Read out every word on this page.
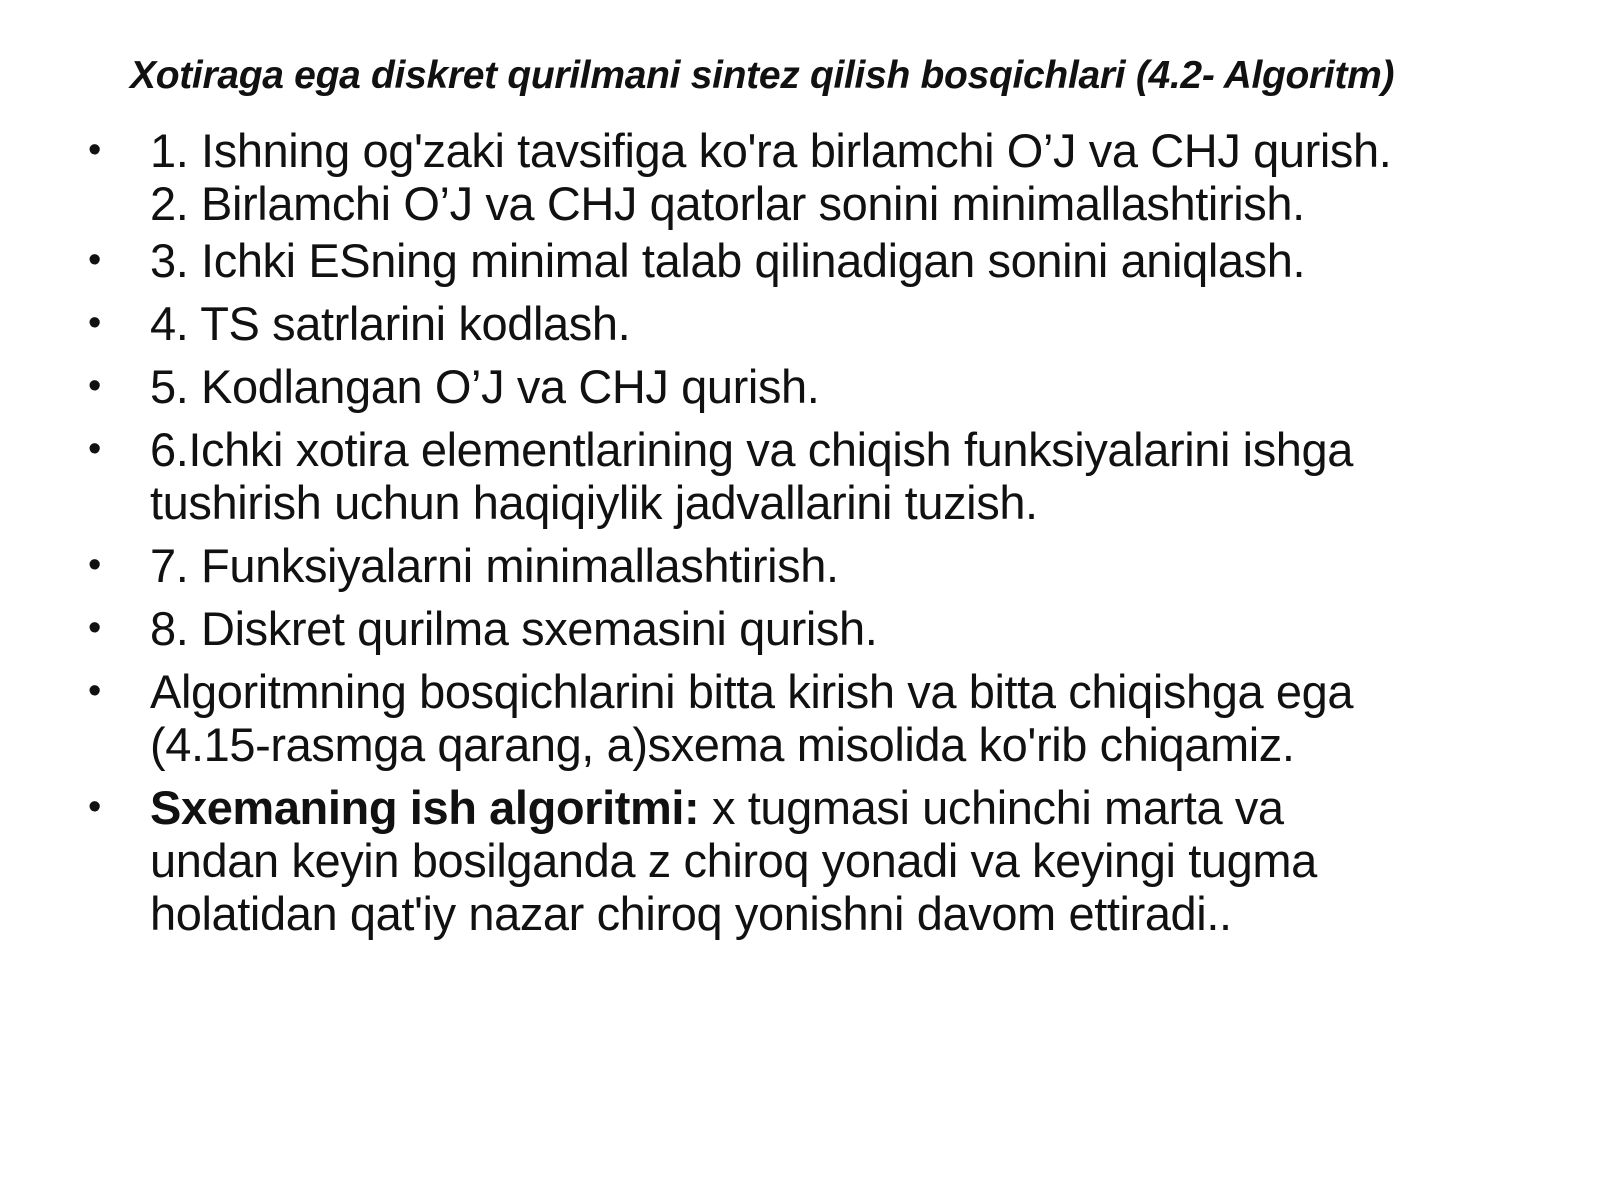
Xotiraga ega diskret qurilmani sintez qilish bosqichlari (4.2- Algoritm)
•	1. Ishning og'zaki tavsifiga ko'ra birlamchi O’J va CHJ qurish.
2. Birlamchi O’J va CHJ qatorlar sonini minimallashtirish.
•	3. Ichki ESning minimal talab qilinadigan sonini aniqlash.
•	4. TS satrlarini kodlash.
•	5. Kodlangan O’J va CHJ qurish.
•	6.Ichki xotira elementlarining va chiqish funksiyalarini ishga
tushirish uchun haqiqiylik jadvallarini tuzish.
•	7. Funksiyalarni minimallashtirish.
•	8. Diskret qurilma sxemasini qurish.
•	Algoritmning bosqichlarini bitta kirish va bitta chiqishga ega
(4.15-rasmga qarang, a)sxema misolida ko'rib chiqamiz.
•	Sxemaning ish algoritmi: x tugmasi uchinchi marta va
undan keyin bosilganda z chiroq yonadi va keyingi tugma
holatidan qat'iy nazar chiroq yonishni davom ettiradi..
